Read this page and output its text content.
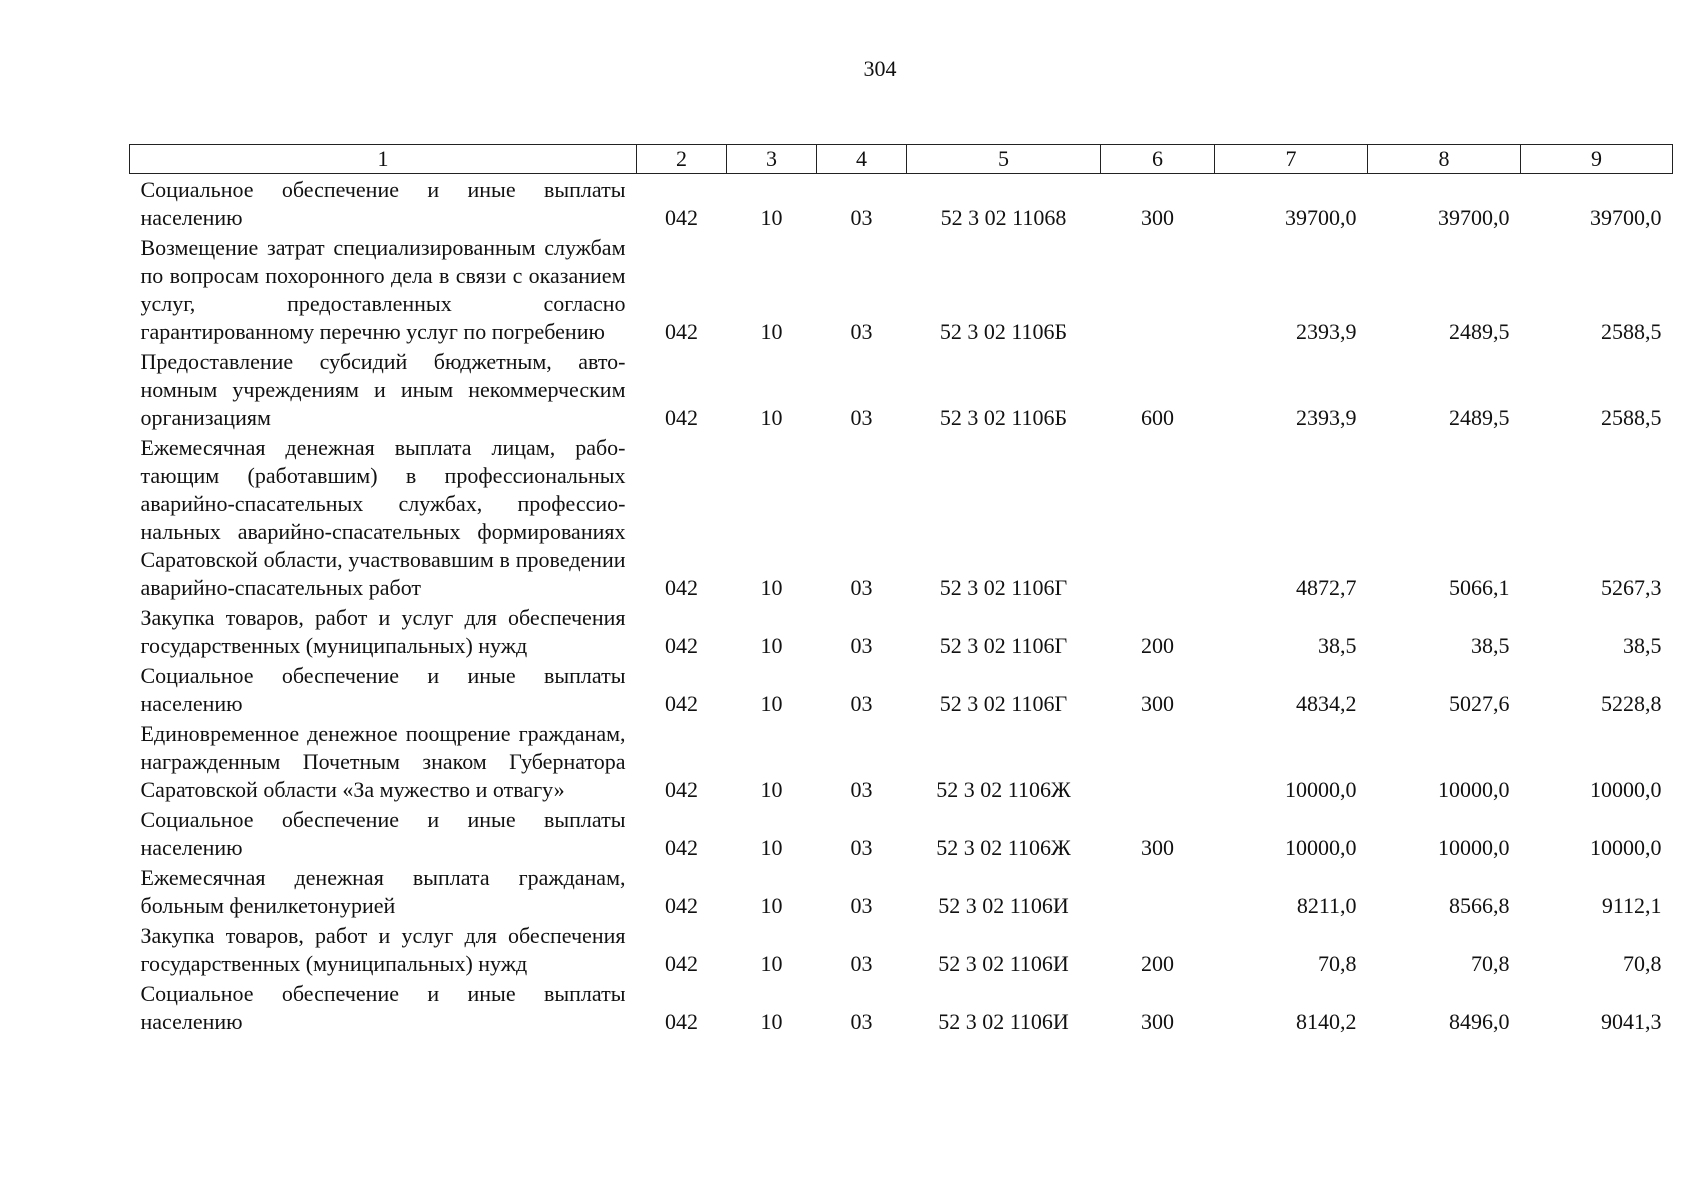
304
1	2	3	4	5	6	7	8	9
Социальное обеспечение и иные выплаты населению	042	10	03	52 3 02 11068	300	39700,0	39700,0	39700,0
Возмещение затрат специализированным службам по вопросам похоронного дела в связи с оказанием услуг, предоставленных согласно гарантированному перечню услуг по погребению	042	10	03	52 3 02 1106Б		2393,9	2489,5	2588,5
Предоставление субсидий бюджетным, автономным учреждениям и иным некоммерческим организациям	042	10	03	52 3 02 1106Б	600	2393,9	2489,5	2588,5
Ежемесячная денежная выплата лицам, работающим (работавшим) в профессиональных аварийно-спасательных службах, профессиональных аварийно-спасательных формированиях Саратовской области, участвовавшим в проведении аварийно-спасательных работ	042	10	03	52 3 02 1106Г		4872,7	5066,1	5267,3
Закупка товаров, работ и услуг для обеспечения государственных (муниципальных) нужд	042	10	03	52 3 02 1106Г	200	38,5	38,5	38,5
Социальное обеспечение и иные выплаты населению	042	10	03	52 3 02 1106Г	300	4834,2	5027,6	5228,8
Единовременное денежное поощрение гражданам, награжденным Почетным знаком Губернатора Саратовской области «За мужество и отвагу»	042	10	03	52 3 02 1106Ж		10000,0	10000,0	10000,0
Социальное обеспечение и иные выплаты населению	042	10	03	52 3 02 1106Ж	300	10000,0	10000,0	10000,0
Ежемесячная денежная выплата гражданам, больным фенилкетонурией	042	10	03	52 3 02 1106И		8211,0	8566,8	9112,1
Закупка товаров, работ и услуг для обеспечения государственных (муниципальных) нужд	042	10	03	52 3 02 1106И	200	70,8	70,8	70,8
Социальное обеспечение и иные выплаты населению	042	10	03	52 3 02 1106И	300	8140,2	8496,0	9041,3
